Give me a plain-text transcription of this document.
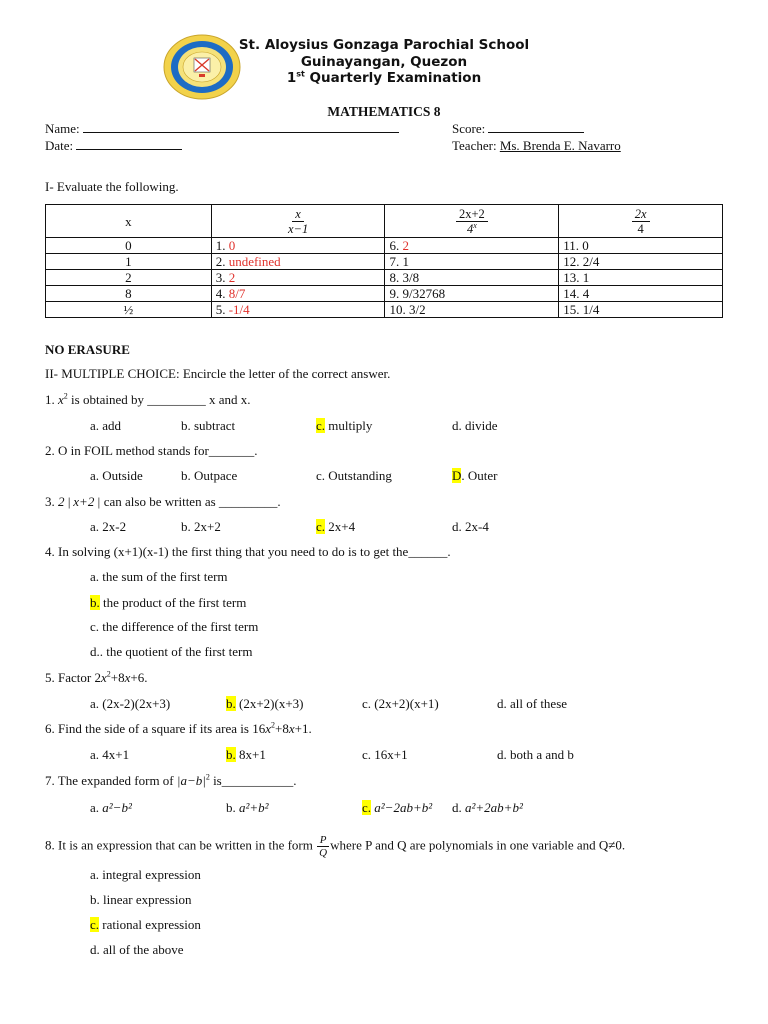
St. Aloysius Gonzaga Parochial School
Guinayangan, Quezon
1st Quarterly Examination
MATHEMATICS 8
Name:	Score:
Date:	Teacher: Ms. Brenda E. Navarro
I- Evaluate the following.
x	$\frac{x}{x-1}$	$\frac{2x+2}{4^x}$	$\frac{2x}{4}$

0	1. 0	6. 2	11. 0
1	2. undefined	7. 1	12. 2/4
2	3. 2	8. 3/8	13. 1
8	4. 8/7	9. 9/32768	14. 4
½	5. -1/4	10. 3/2	15. 1/4
NO ERASURE
II- MULTIPLE CHOICE: Encircle the letter of the correct answer.
1. $x^2$ is obtained by _________ x and x.
a. add	b. subtract	c. multiply	d. divide
2. O in FOIL method stands for_______.
a. Outside	b. Outpace	c. Outstanding	D. Outer
3. 2 | x+2 | can also be written as _________.
a. 2x-2	b. 2x+2	c. 2x+4	d. 2x-4
4. In solving (x+1)(x-1) the first thing that you need to do is to get the______.
a. the sum of the first term
b. the product of the first term
c. the difference of the first term
d.. the quotient of the first term
5. Factor $2x^2+8x+6$.
a. (2x-2)(2x+3)	b. (2x+2)(x+3)	c. (2x+2)(x+1)	d. all of these
6. Find the side of a square if its area is $16x^2+8x+1$.
a. 4x+1	b. 8x+1	c. 16x+1	d. both a and b
7. The expanded form of $|a-b|^2$ is___________.
a. a²−b²	b. a²+b²	c. a²−2ab+b² d. a²+2ab+b²
8. It is an expression that can be written in the form $\frac{P}{Q}$ where P and Q are polynomials in one variable and Q≠0.
a. integral expression
b. linear expression
c. rational expression
d. all of the above
